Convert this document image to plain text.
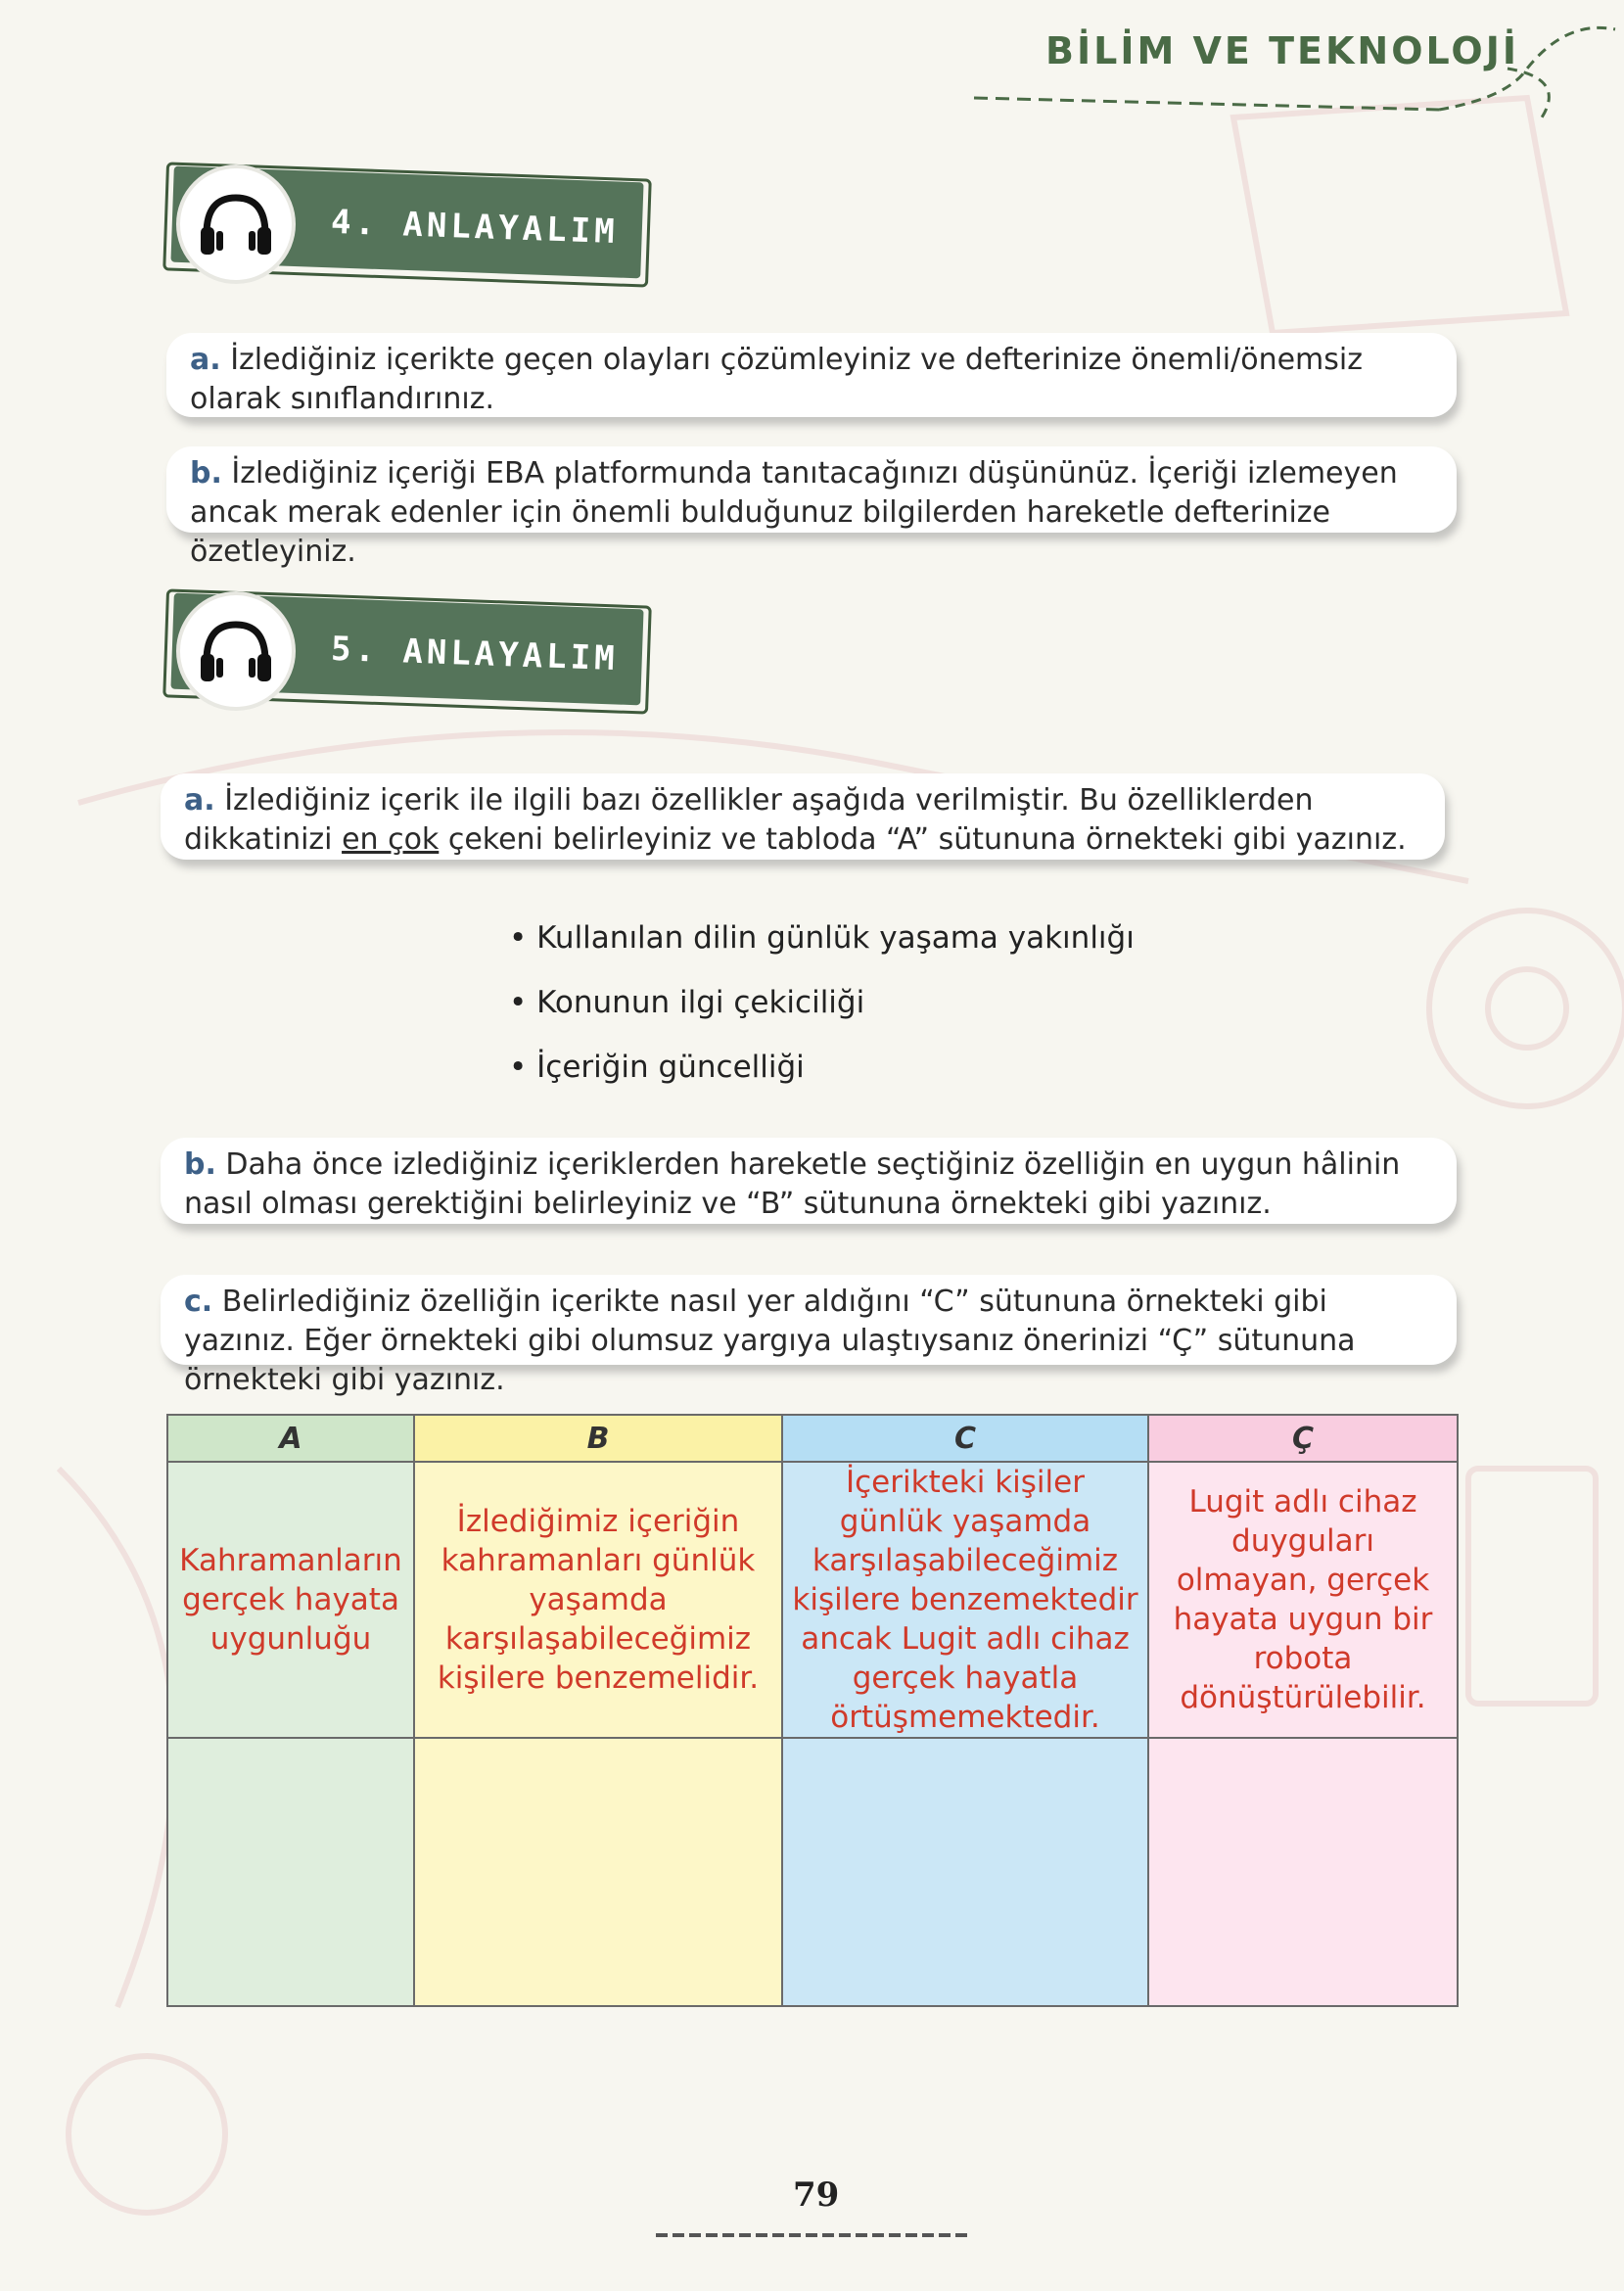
BİLİM VE TEKNOLOJİ
4. ANLAYALIM
a. İzlediğiniz içerikte geçen olayları çözümleyiniz ve defterinize önemli/önemsiz olarak sınıflandırınız.
b. İzlediğiniz içeriği EBA platformunda tanıtacağınızı düşününüz. İçeriği izlemeyen ancak merak edenler için önemli bulduğunuz bilgilerden hareketle defterinize özetleyiniz.
5. ANLAYALIM
a. İzlediğiniz içerik ile ilgili bazı özellikler aşağıda verilmiştir. Bu özelliklerden dikkatinizi en çok çekeni belirleyiniz ve tabloda “A” sütununa örnekteki gibi yazınız.
• Kullanılan dilin günlük yaşama yakınlığı
• Konunun ilgi çekiciliği
• İçeriğin güncelliği
b. Daha önce izlediğiniz içeriklerden hareketle seçtiğiniz özelliğin en uygun hâlinin nasıl olması gerektiğini belirleyiniz ve “B” sütununa örnekteki gibi yazınız.
c. Belirlediğiniz özelliğin içerikte nasıl yer aldığını “C” sütununa örnekteki gibi yazınız. Eğer örnekteki gibi olumsuz yargıya ulaştıysanız önerinizi “Ç” sütununa örnekteki gibi yazınız.
A	B	C	Ç
Kahramanların gerçek hayata uygunluğu	İzlediğimiz içeriğin kahramanları günlük yaşamda karşılaşabileceğimiz kişilere benzemelidir.	İçerikteki kişiler günlük yaşamda karşılaşabileceğimiz kişilere benzemektedir ancak Lugit adlı cihaz gerçek hayatla örtüşmemektedir.	Lugit adlı cihaz duyguları olmayan, gerçek hayata uygun bir robota dönüştürülebilir.

79
